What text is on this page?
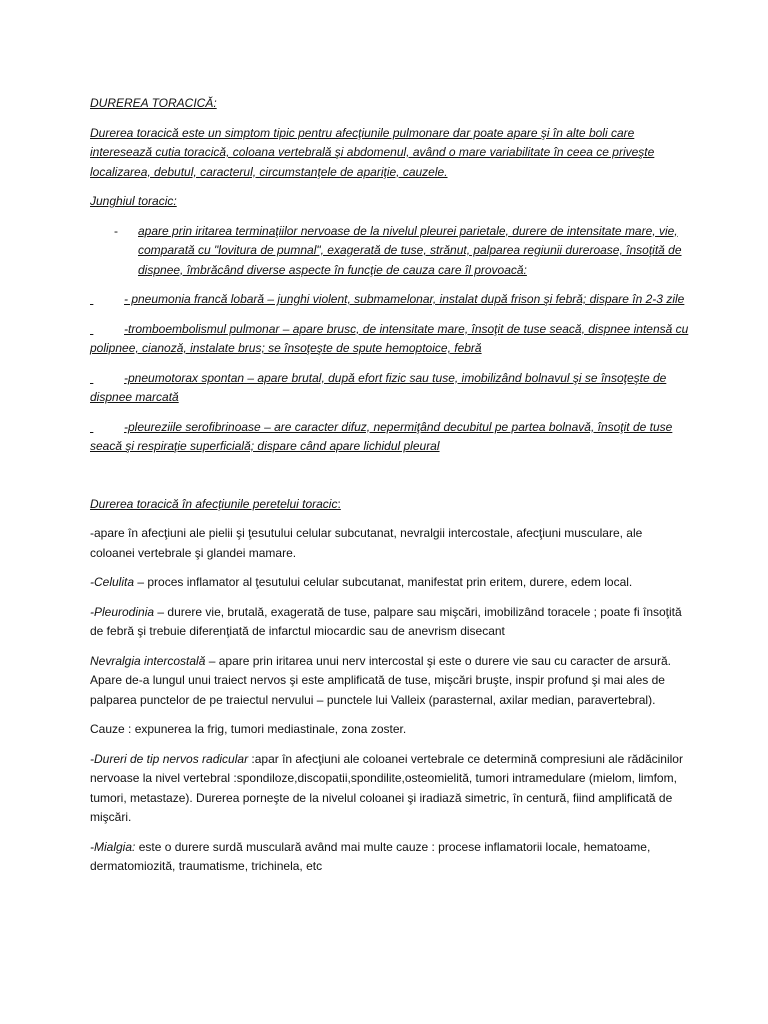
DUREREA TORACICĂ:

Durerea toracică este un simptom tipic pentru afecţiunile pulmonare dar poate apare şi în alte boli care interesează cutia toracică, coloana vertebrală şi abdomenul, având o mare variabilitate în ceea ce priveşte localizarea, debutul, caracterul, circumstanţele de apariţie, cauzele.

Junghiul toracic:

- apare prin iritarea terminaţiilor nervoase de la nivelul pleurei parietale, durere de intensitate mare, vie, comparată cu "lovitura de pumnal", exagerată de tuse, strănut, palparea regiunii dureroase, însoţită de dispnee, îmbrăcând diverse aspecte în funcţie de cauza care îl provoacă:

- pneumonia francă lobară – junghi violent, submamelonar, instalat după frison şi febră; dispare în 2-3 zile

-tromboembolismul pulmonar – apare brusc, de intensitate mare, însoţit de tuse seacă, dispnee intensă cu polipnee, cianoză, instalate brus; se însoţeşte de spute hemoptoice, febră

-pneumotorax spontan – apare brutal, după efort fizic sau tuse, imobilizând bolnavul şi se însoţeşte de dispnee marcată

-pleureziile serofibrinoase – are caracter difuz, nepermiţând decubitul pe partea bolnavă, însoţit de tuse seacă şi respiraţie superficială; dispare când apare lichidul pleural

Durerea toracică în afecţiunile peretelui toracic:

-apare în afecţiuni ale pielii şi ţesutului celular subcutanat, nevralgii intercostale, afecţiuni musculare, ale coloanei vertebrale şi glandei mamare.

-Celulita – proces inflamator al ţesutului celular subcutanat, manifestat prin eritem, durere, edem local.

-Pleurodinia – durere vie, brutală, exagerată de tuse, palpare sau mişcări, imobilizând toracele ; poate fi însoţită de febră şi trebuie diferenţiată de infarctul miocardic sau de anevrism disecant

Nevralgia intercostală – apare prin iritarea unui nerv intercostal şi este o durere vie sau cu caracter de arsură. Apare de-a lungul unui traiect nervos şi este amplificată de tuse, mişcări bruşte, inspir profund şi mai ales de palparea punctelor de pe traiectul nervului – punctele lui Valleix (parasternal, axilar median, paravertebral).

Cauze : expunerea la frig, tumori mediastinale, zona zoster.

-Dureri de tip nervos radicular :apar în afecţiuni ale coloanei vertebrale ce determină compresiuni ale rădăcinilor nervoase la nivel vertebral :spondiloze,discopatii,spondilite,osteomielită, tumori intramedulare (mielom, limfom, tumori, metastaze). Durerea porneşte de la nivelul coloanei şi iradiază simetric, în centură, fiind amplificată de mişcări.

-Mialgia: este o durere surdă musculară având mai multe cauze : procese inflamatorii locale, hematoame, dermatomiozită, traumatisme, trichinela, etc
